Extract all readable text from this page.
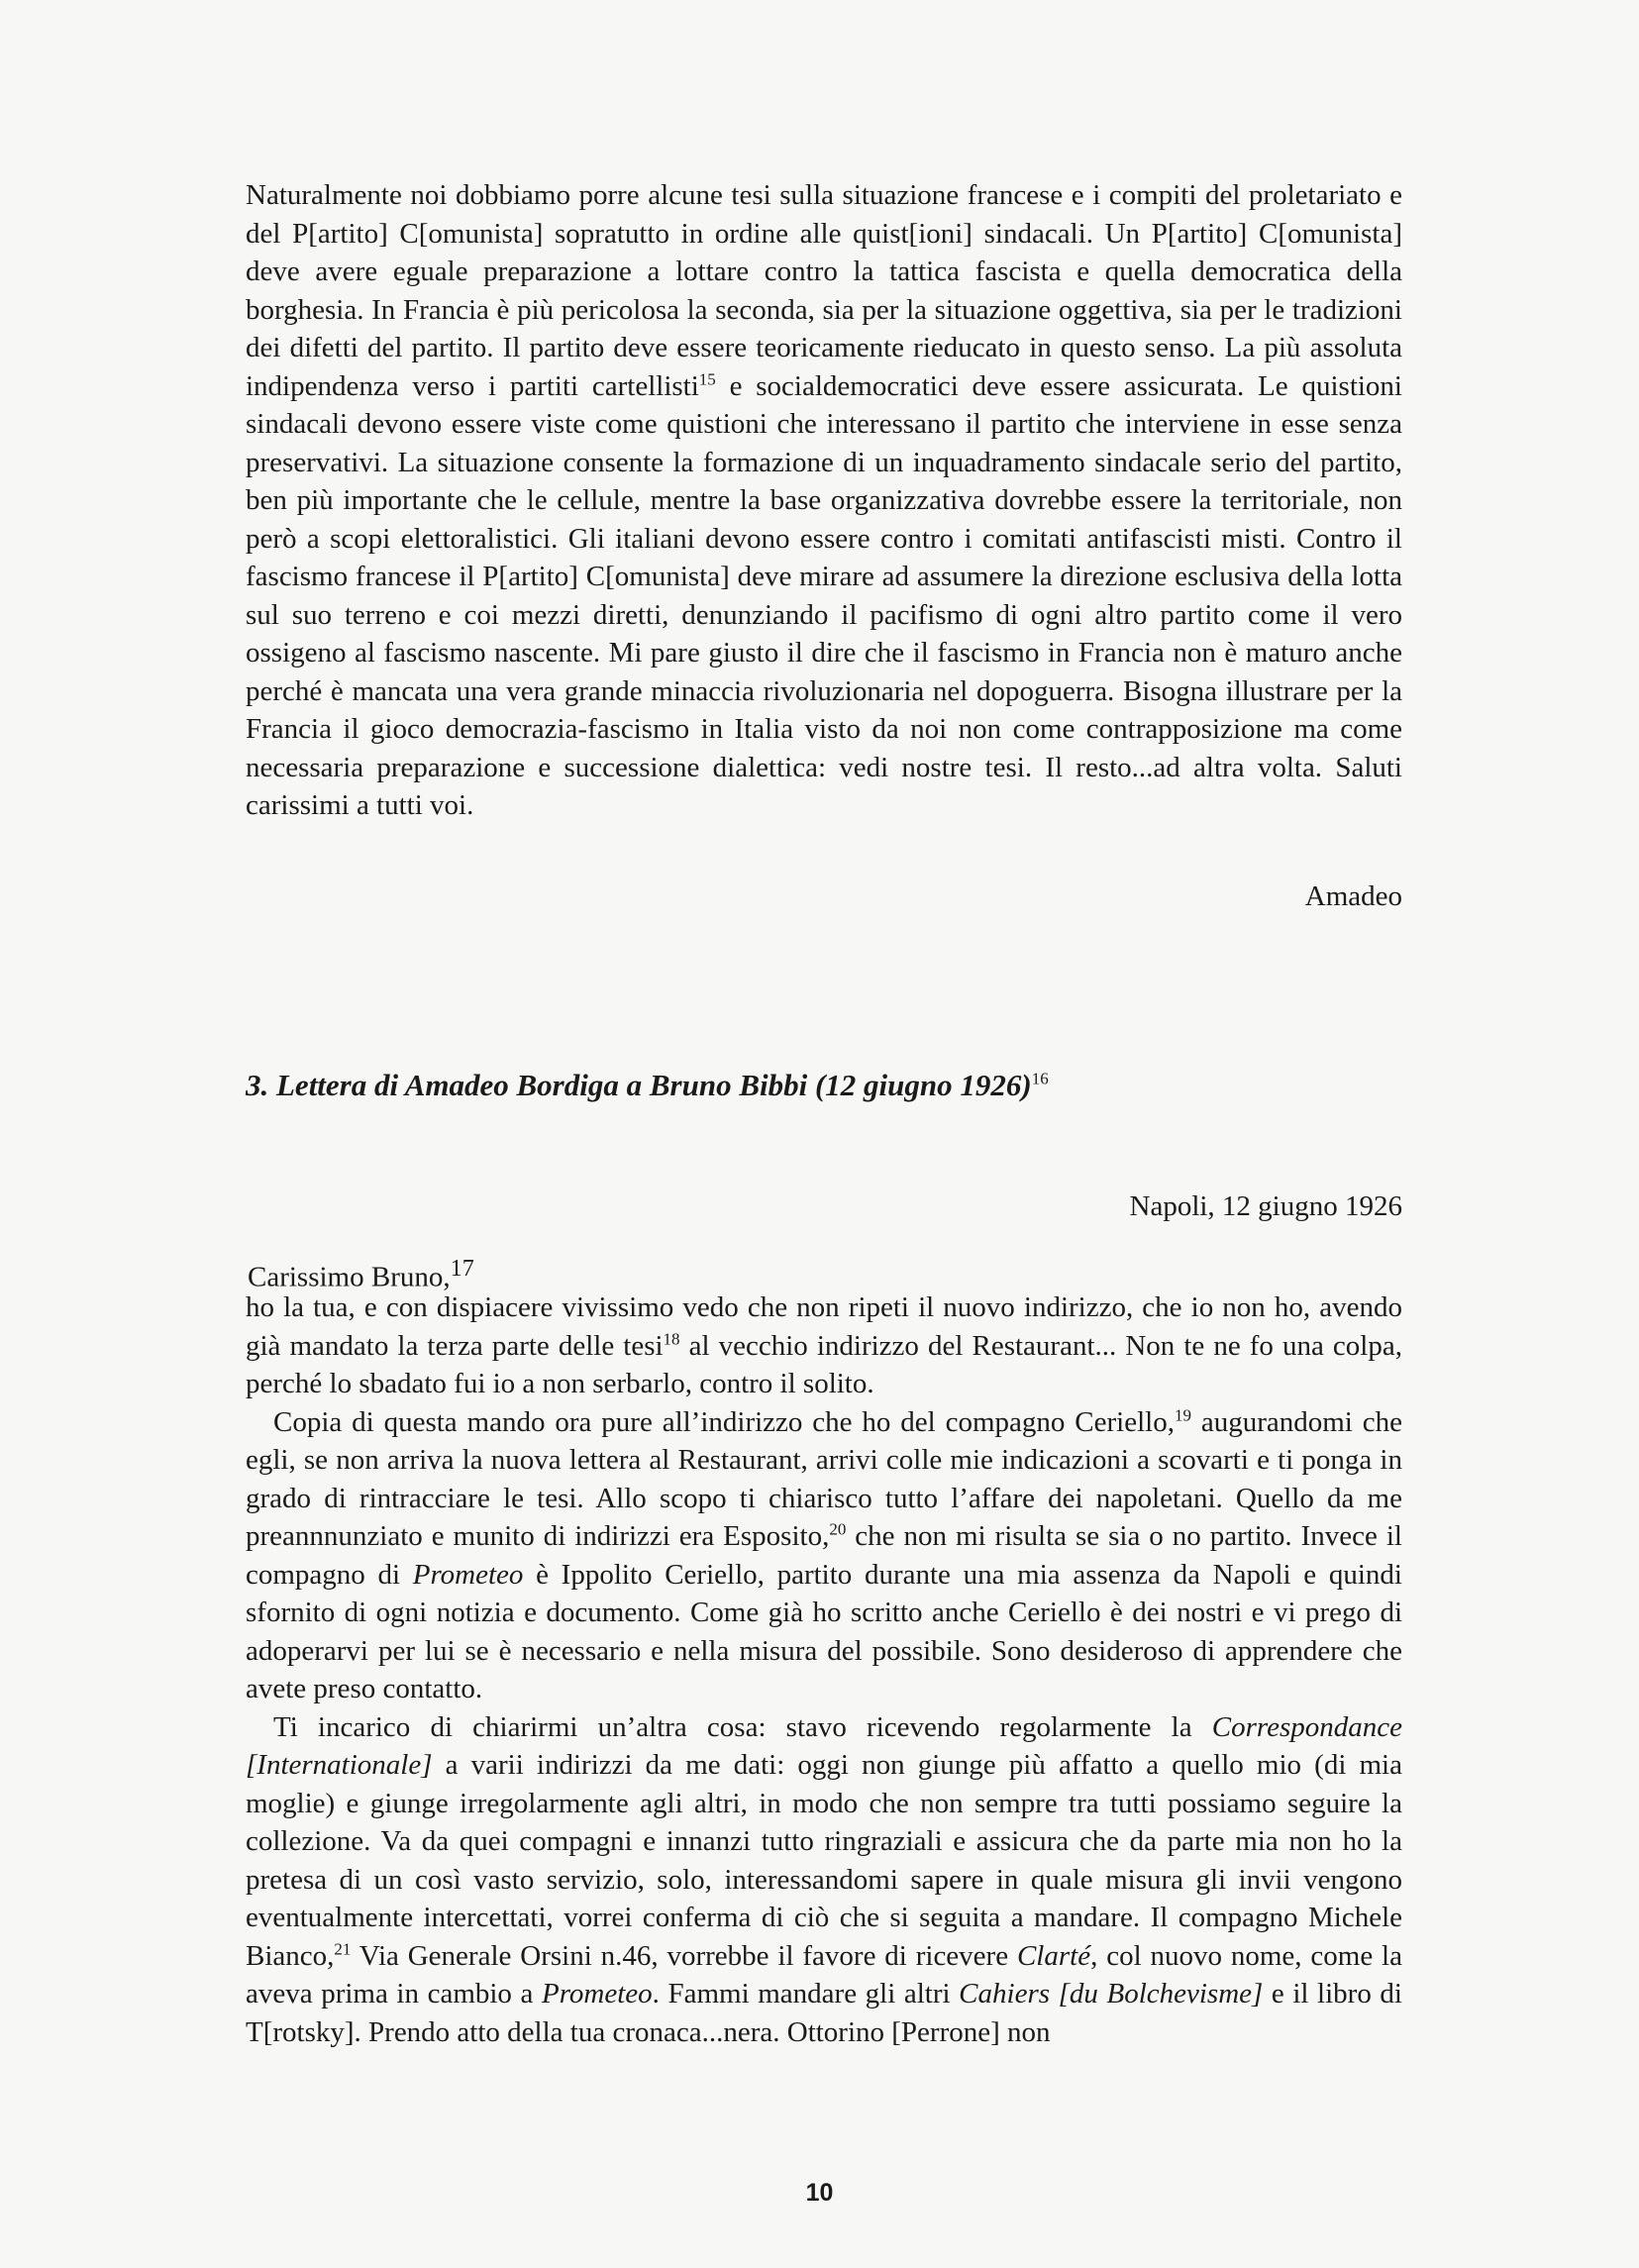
Naturalmente noi dobbiamo porre alcune tesi sulla situazione francese e i compiti del proletariato e del P[artito] C[omunista] sopratutto in ordine alle quist[ioni] sindacali. Un P[artito] C[omunista] deve avere eguale preparazione a lottare contro la tattica fascista e quella democratica della borghesia. In Francia è più pericolosa la seconda, sia per la situazione oggettiva, sia per le tradizioni dei difetti del partito. Il partito deve essere teoricamente rieducato in questo senso. La più assoluta indipendenza verso i partiti cartellisti$^{15}$ e socialdemocratici deve essere assicurata. Le quistioni sindacali devono essere viste come quistioni che interessano il partito che interviene in esse senza preservativi. La situazione consente la formazione di un inquadramento sindacale serio del partito, ben più importante che le cellule, mentre la base organizzativa dovrebbe essere la territoriale, non però a scopi elettoralistici. Gli italiani devono essere contro i comitati antifascisti misti. Contro il fascismo francese il P[artito] C[omunista] deve mirare ad assumere la direzione esclusiva della lotta sul suo terreno e coi mezzi diretti, denunziando il pacifismo di ogni altro partito come il vero ossigeno al fascismo nascente. Mi pare giusto il dire che il fascismo in Francia non è maturo anche perché è mancata una vera grande minaccia rivoluzionaria nel dopoguerra. Bisogna illustrare per la Francia il gioco democrazia-fascismo in Italia visto da noi non come contrapposizione ma come necessaria preparazione e successione dialettica: vedi nostre tesi. Il resto...ad altra volta. Saluti carissimi a tutti voi.

Amadeo
3. Lettera di Amadeo Bordiga a Bruno Bibbi (12 giugno 1926)$^{16}$
Napoli, 12 giugno 1926
Carissimo Bruno,$^{17}$

ho la tua, e con dispiacere vivissimo vedo che non ripeti il nuovo indirizzo, che io non ho, avendo già mandato la terza parte delle tesi$^{18}$ al vecchio indirizzo del Restaurant... Non te ne fo una colpa, perché lo sbadato fui io a non serbarlo, contro il solito.

Copia di questa mando ora pure all’indirizzo che ho del compagno Ceriello,$^{19}$ augurandomi che egli, se non arriva la nuova lettera al Restaurant, arrivi colle mie indicazioni a scovarti e ti ponga in grado di rintracciare le tesi. Allo scopo ti chiarisco tutto l’affare dei napoletani. Quello da me preannnunziato e munito di indirizzi era Esposito,$^{20}$ che non mi risulta se sia o no partito. Invece il compagno di Prometeo è Ippolito Ceriello, partito durante una mia assenza da Napoli e quindi sfornito di ogni notizia e documento. Come già ho scritto anche Ceriello è dei nostri e vi prego di adoperarvi per lui se è necessario e nella misura del possibile. Sono desideroso di apprendere che avete preso contatto.

Ti incarico di chiarirmi un’altra cosa: stavo ricevendo regolarmente la Correspondance [Internationale] a varii indirizzi da me dati: oggi non giunge più affatto a quello mio (di mia moglie) e giunge irregolarmente agli altri, in modo che non sempre tra tutti possiamo seguire la collezione. Va da quei compagni e innanzi tutto ringraziali e assicura che da parte mia non ho la pretesa di un così vasto servizio, solo, interessandomi sapere in quale misura gli invii vengono eventualmente intercettati, vorrei conferma di ciò che si seguita a mandare. Il compagno Michele Bianco,$^{21}$ Via Generale Orsini n.46, vorrebbe il favore di ricevere Clarté, col nuovo nome, come la aveva prima in cambio a Prometeo. Fammi mandare gli altri Cahiers [du Bolchevisme] e il libro di T[rotsky]. Prendo atto della tua cronaca...nera. Ottorino [Perrone] non

10
